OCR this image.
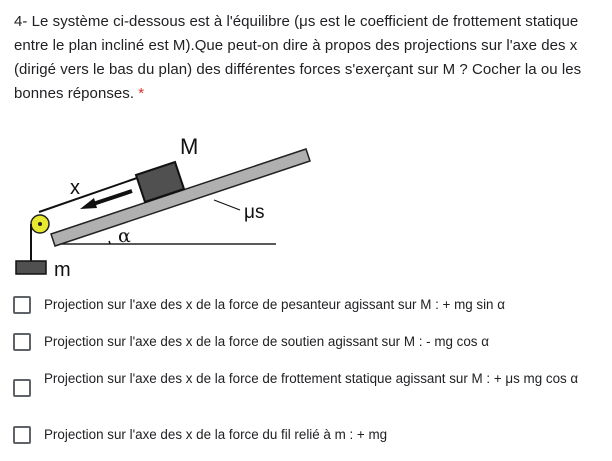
4- Le système ci-dessous est à l'équilibre (μs est le coefficient de frottement statique entre le plan incliné est M).Que peut-on dire à propos des projections sur l'axe des x (dirigé vers le bas du plan) des différentes forces s'exerçant sur M ? Cocher la ou les bonnes réponses. *
M
m
x
μs
α
Projection sur l'axe des x de la force de pesanteur agissant sur M : + mg sin α
Projection sur l'axe des x de la force de soutien agissant sur M : - mg cos α
Projection sur l'axe des x de la force de frottement statique agissant sur M : + μs mg cos α
Projection sur l'axe des x de la force du fil relié à m : + mg
